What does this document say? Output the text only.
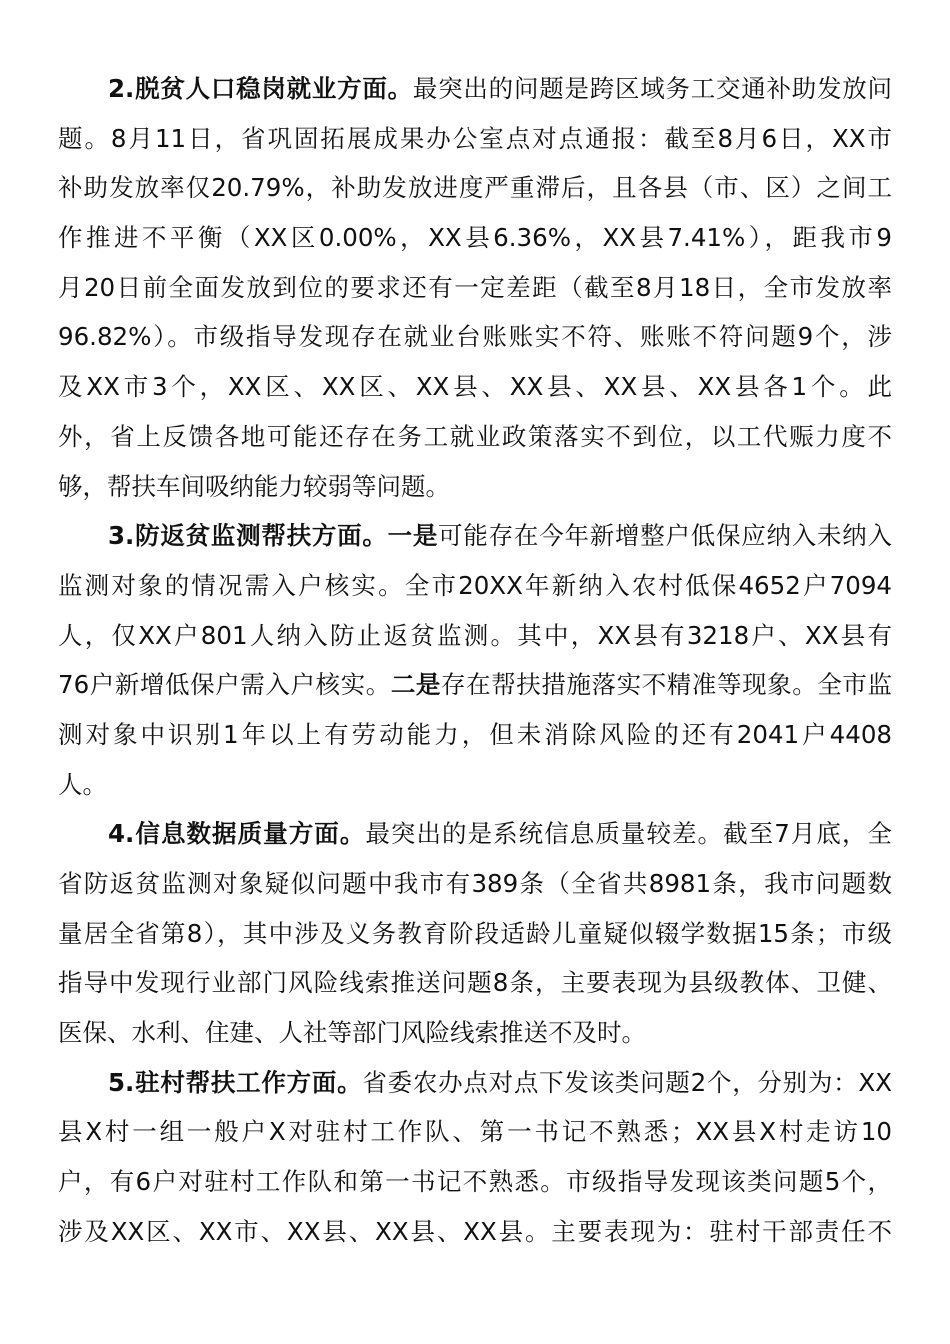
2.脱贫人口稳岗就业方面。最突出的问题是跨区域务工交通补助发放问
题。8月11日，省巩固拓展成果办公室点对点通报：截至8月6日，XX市
补助发放率仅20.79%，补助发放进度严重滞后，且各县（市、区）之间工
作推进不平衡（XX区0.00%，XX县6.36%，XX县7.41%），距我市9
月20日前全面发放到位的要求还有一定差距（截至8月18日，全市发放率
96.82%）。市级指导发现存在就业台账账实不符、账账不符问题9个，涉
及XX市3个，XX区、XX区、XX县、XX县、XX县、XX县各1个。此
外，省上反馈各地可能还存在务工就业政策落实不到位，以工代赈力度不
够，帮扶车间吸纳能力较弱等问题。
3.防返贫监测帮扶方面。一是可能存在今年新增整户低保应纳入未纳入
监测对象的情况需入户核实。全市20XX年新纳入农村低保4652户7094
人，仅XX户801人纳入防止返贫监测。其中，XX县有3218户、XX县有
76户新增低保户需入户核实。二是存在帮扶措施落实不精准等现象。全市监
测对象中识别1年以上有劳动能力，但未消除风险的还有2041户4408
人。
4.信息数据质量方面。最突出的是系统信息质量较差。截至7月底，全
省防返贫监测对象疑似问题中我市有389条（全省共8981条，我市问题数
量居全省第8），其中涉及义务教育阶段适龄儿童疑似辍学数据15条；市级
指导中发现行业部门风险线索推送问题8条，主要表现为县级教体、卫健、
医保、水利、住建、人社等部门风险线索推送不及时。
5.驻村帮扶工作方面。省委农办点对点下发该类问题2个，分别为：XX
县X村一组一般户X对驻村工作队、第一书记不熟悉；XX县X村走访10
户，有6户对驻村工作队和第一书记不熟悉。市级指导发现该类问题5个，
涉及XX区、XX市、XX县、XX县、XX县。主要表现为：驻村干部责任不
